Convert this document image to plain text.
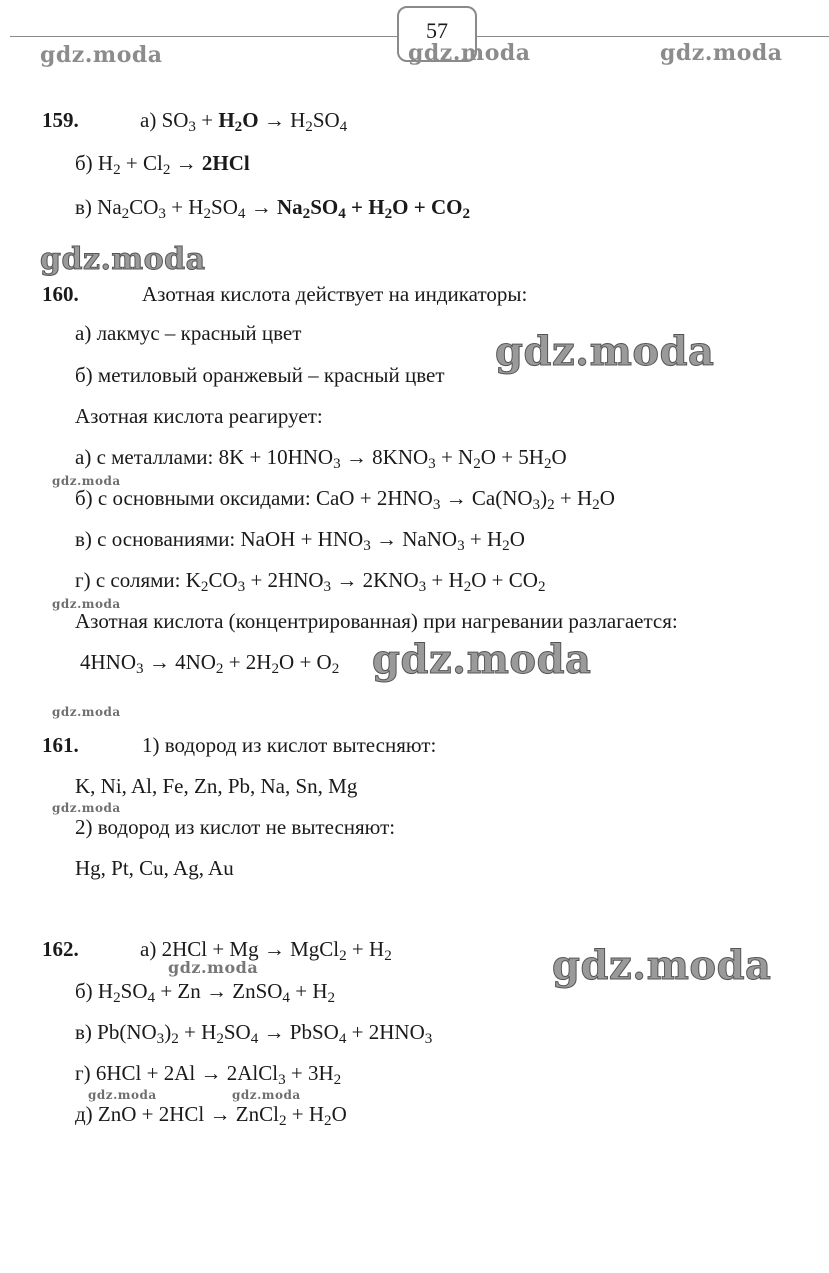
57
gdz.moda	gdz.moda	gdz.moda
159.	а) $SO_3 + H_2O \to H_2SO_4$
б) $H_2 + Cl_2 \to 2HCl$
в) $Na_2CO_3 + H_2SO_4 \to Na_2SO_4 + H_2O + CO_2$
gdz.moda
160.	Азотная кислота действует на индикаторы:
а) лакмус – красный цвет
б) метиловый оранжевый – красный цвет gdz.moda
Азотная кислота реагирует:
а) с металлами: $8K + 10HNO_3 \to 8KNO_3 + N_2O + 5H_2O$
gdz.moda
б) с основными оксидами: CaO + $2HNO_3 \to Ca(NO_3)_2 + H_2O$
в) с основаниями: NaOH + $HNO_3$ → NaNO$_3$ + $H_2O$
г) с солями: $K_2CO_3 + 2HNO_3 \to 2KNO_3 + H_2O + CO_2$
gdz.moda
Азотная кислота (концентрированная) при нагревании разлагается:
$4HNO_3 \to 4NO_2 + 2H_2O + O_2$ gdz.moda
gdz.moda
161.	1) водород из кислот вытесняют:
K, Ni, Al, Fe, Zn, Pb, Na, Sn, Mg
gdz.moda
2) водород из кислот не вытесняют:
Hg, Pt, Cu, Ag, Au
162.	а) 2HCl + Mg → MgCl$_2$ + $H_2$
gdz.moda	gdz.moda
б) $H_2SO_4 + Zn$ → ZnSO$_4$ + $H_2$
в) $Pb(NO_3)_2 + H_2SO_4$ → PbSO$_4$ + $2HNO_3$
г) 6HCl + 2Al → 2AlCl$_3$ + $3H_2$
gdz.moda	gdz.moda
д) ZnO + 2HCl → ZnCl$_2$ + $H_2O$
